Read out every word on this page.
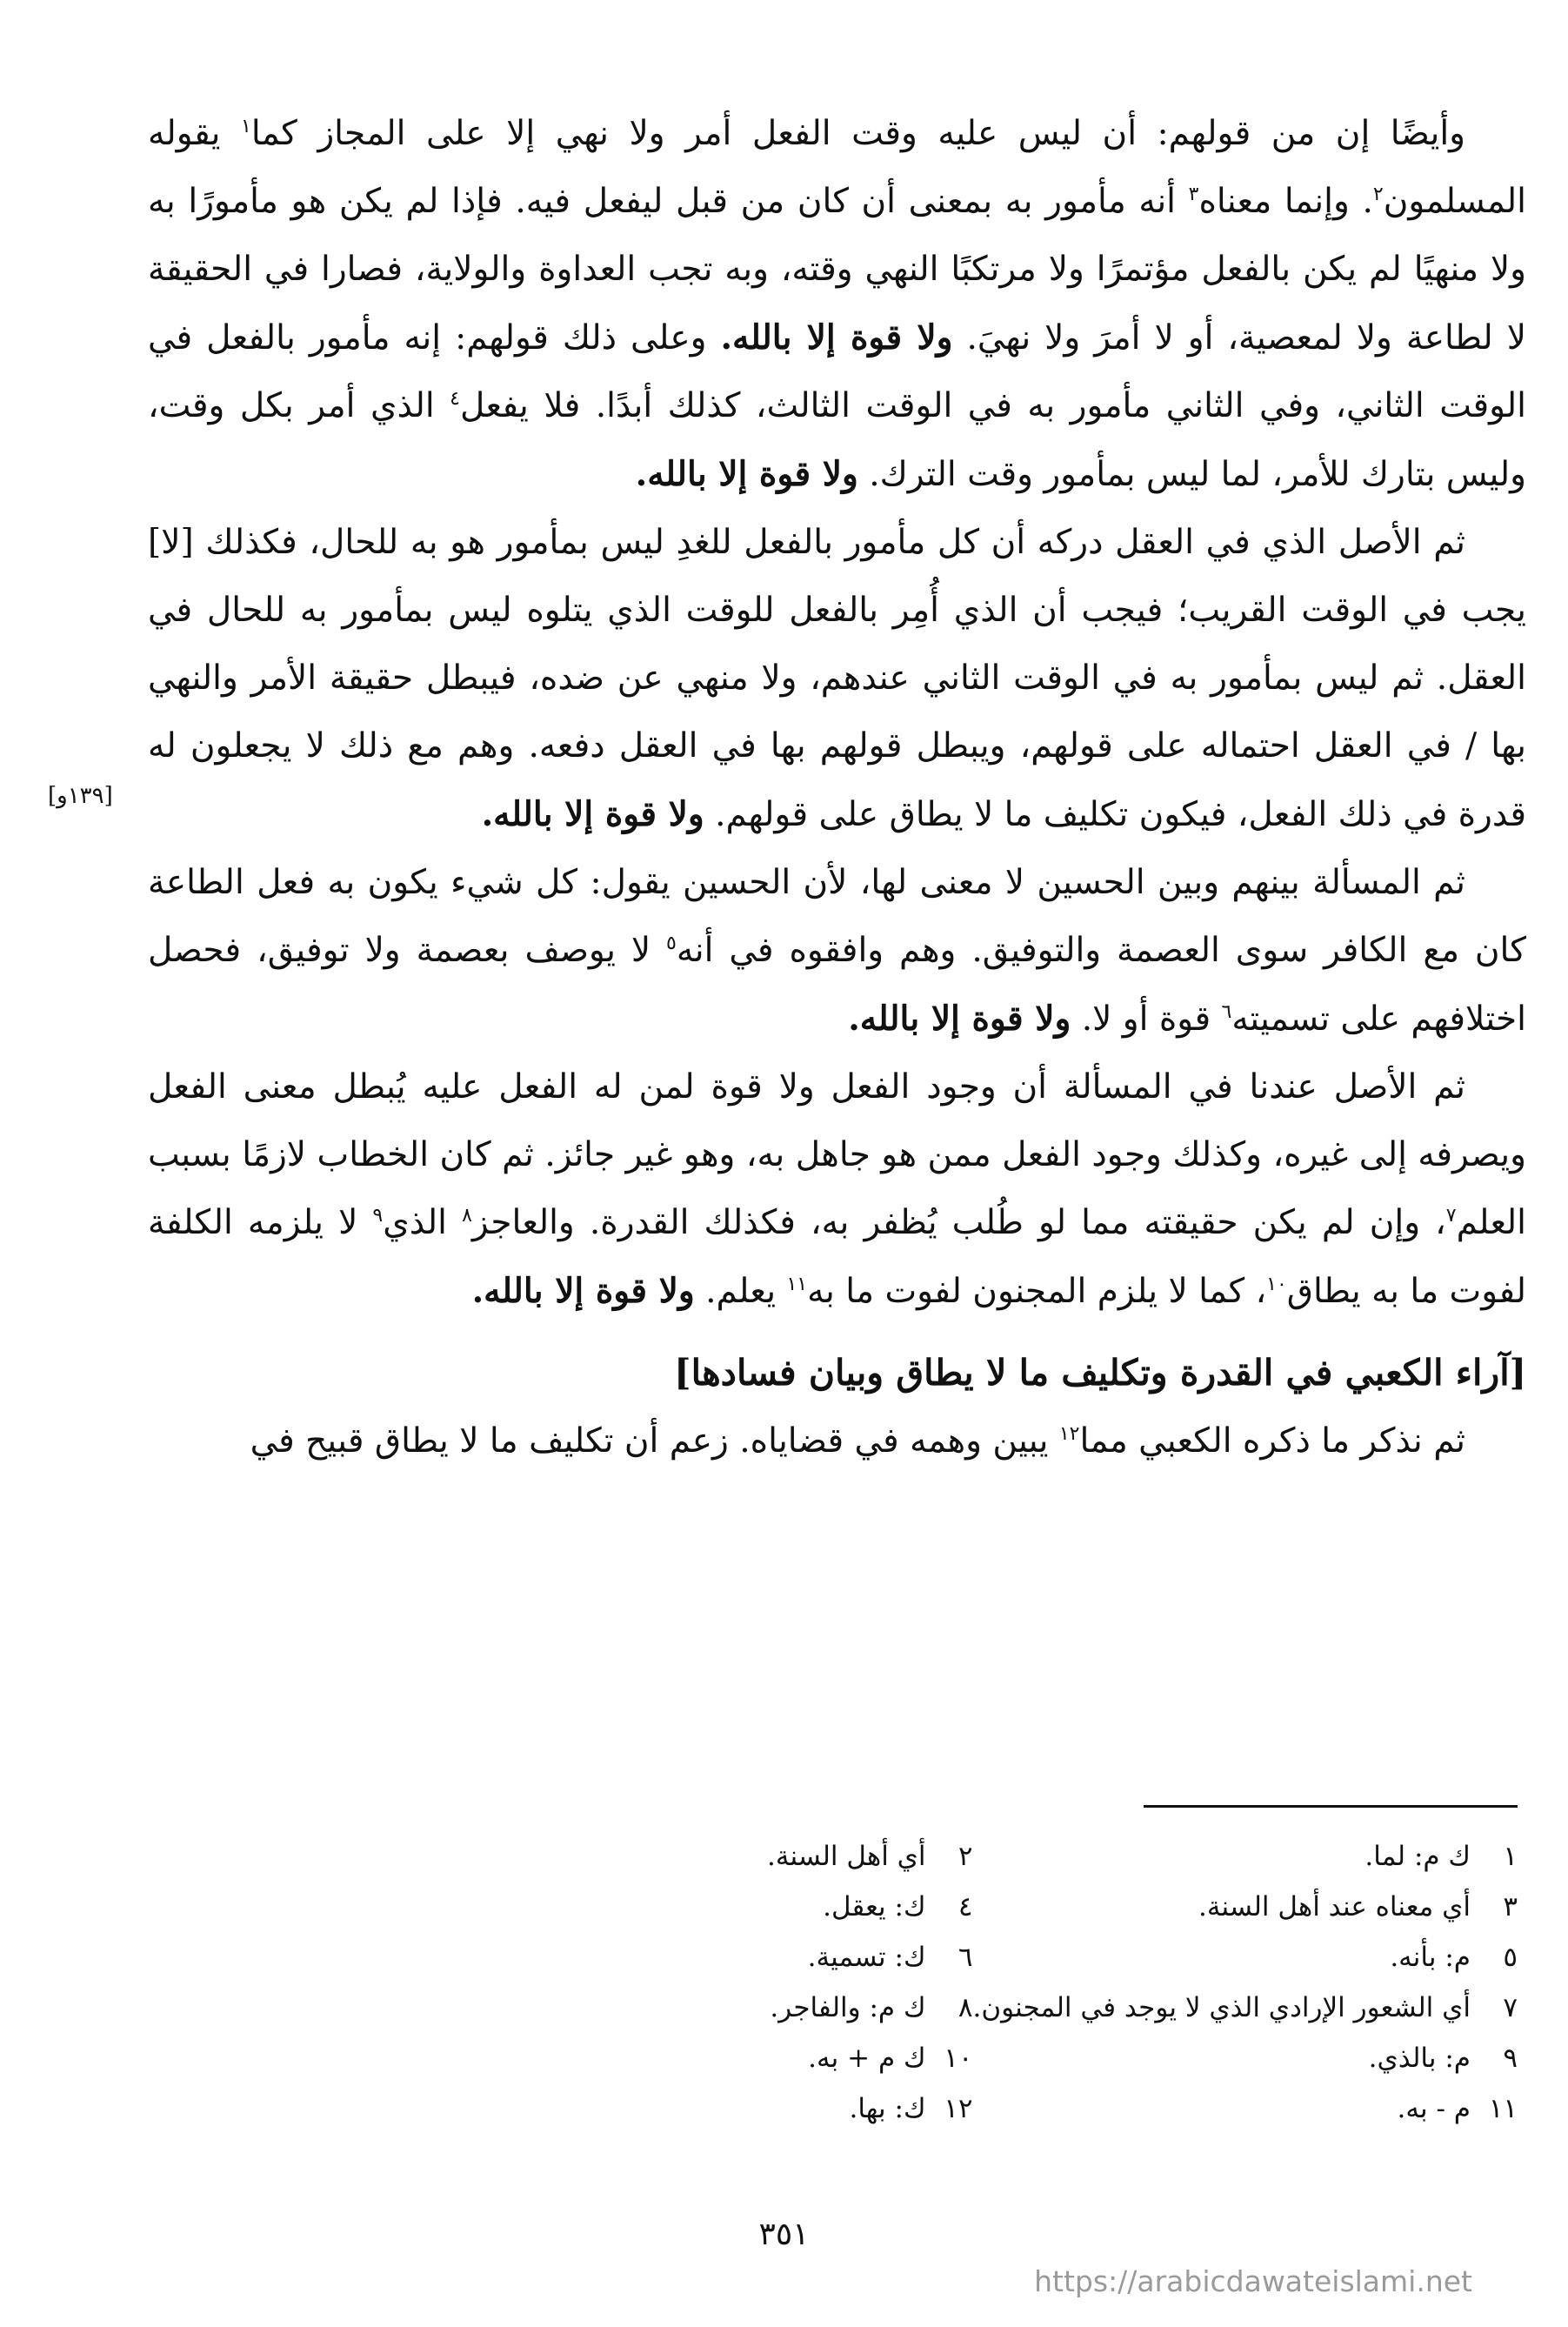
وأيضًا إن من قولهم: أن ليس عليه وقت الفعل أمر ولا نهي إلا على المجاز كما$^١$ يقوله المسلمون$^٢$. وإنما معناه$^٣$ أنه مأمور به بمعنى أن كان من قبل ليفعل فيه. فإذا لم يكن هو مأمورًا به ولا منهيًا لم يكن بالفعل مؤتمرًا ولا مرتكبًا النهي وقته، وبه تجب العداوة والولاية، فصارا في الحقيقة لا لطاعة ولا لمعصية، أو لا أمرَ ولا نهيَ. ولا قوة إلا بالله. وعلى ذلك قولهم: إنه مأمور بالفعل في الوقت الثاني، وفي الثاني مأمور به في الوقت الثالث، كذلك أبدًا. فلا يفعل$^٤$ الذي أمر بكل وقت، وليس بتارك للأمر، لما ليس بمأمور وقت الترك. ولا قوة إلا بالله.

ثم الأصل الذي في العقل دركه أن كل مأمور بالفعل للغدِ ليس بمأمور هو به للحال، فكذلك [لا] يجب في الوقت القريب؛ فيجب أن الذي أُمِر بالفعل للوقت الذي يتلوه ليس بمأمور به للحال في العقل. ثم ليس بمأمور به في الوقت الثاني عندهم، ولا منهي عن ضده، فيبطل حقيقة الأمر والنهي بها / في العقل احتماله على قولهم، ويبطل قولهم بها في العقل دفعه. وهم مع ذلك لا يجعلون له قدرة في ذلك الفعل، فيكون تكليف ما لا يطاق على قولهم. ولا قوة إلا بالله.

ثم المسألة بينهم وبين الحسين لا معنى لها، لأن الحسين يقول: كل شيء يكون به فعل الطاعة كان مع الكافر سوى العصمة والتوفيق. وهم وافقوه في أنه$^٥$ لا يوصف بعصمة ولا توفيق، فحصل اختلافهم على تسميته$^٦$ قوة أو لا. ولا قوة إلا بالله.

ثم الأصل عندنا في المسألة أن وجود الفعل ولا قوة لمن له الفعل عليه يُبطل معنى الفعل ويصرفه إلى غيره، وكذلك وجود الفعل ممن هو جاهل به، وهو غير جائز. ثم كان الخطاب لازمًا بسبب العلم$^٧$، وإن لم يكن حقيقته مما لو طُلب يُظفر به، فكذلك القدرة. والعاجز$^٨$ الذي$^٩$ لا يلزمه الكلفة لفوت ما به يطاق$^{١٠}$، كما لا يلزم المجنون لفوت ما به$^{١١}$ يعلم. ولا قوة إلا بالله.

[آراء الكعبي في القدرة وتكليف ما لا يطاق وبيان فسادها]

ثم نذكر ما ذكره الكعبي مما$^{١٢}$ يبين وهمه في قضاياه. زعم أن تكليف ما لا يطاق قبيح في

[١٣٩و]
١
ك م: لما.
٢
أي أهل السنة.
٣
أي معناه عند أهل السنة.
٤
ك: يعقل.
٥
م: بأنه.
٦
ك: تسمية.
٧
أي الشعور الإرادي الذي لا يوجد في المجنون.
٨
ك م: والفاجر.
٩
م: بالذي.
١٠
ك م + به.
١١
م - به.
١٢
ك: بها.
٣٥١
https://arabicdawateislami.net
